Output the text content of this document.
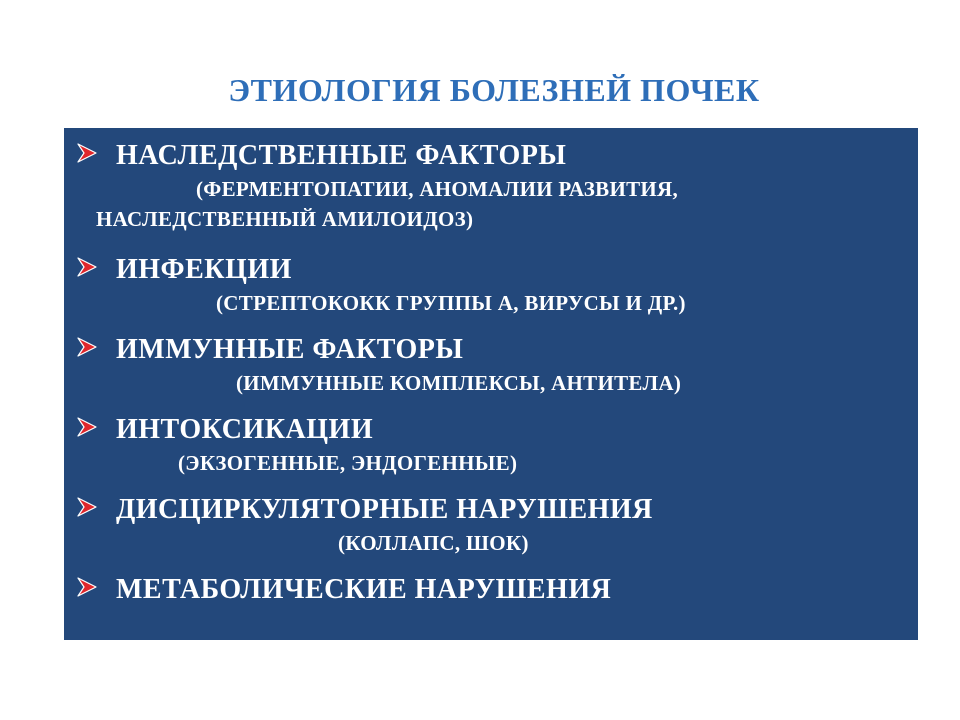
ЭТИОЛОГИЯ БОЛЕЗНЕЙ ПОЧЕК
НАСЛЕДСТВЕННЫЕ ФАКТОРЫ
(ФЕРМЕНТОПАТИИ, АНОМАЛИИ РАЗВИТИЯ,
НАСЛЕДСТВЕННЫЙ АМИЛОИДОЗ)
ИНФЕКЦИИ
(СТРЕПТОКОКК ГРУППЫ А, ВИРУСЫ И ДР.)
ИММУННЫЕ ФАКТОРЫ
(ИММУННЫЕ КОМПЛЕКСЫ, АНТИТЕЛА)
ИНТОКСИКАЦИИ
(ЭКЗОГЕННЫЕ, ЭНДОГЕННЫЕ)
ДИСЦИРКУЛЯТОРНЫЕ НАРУШЕНИЯ
(КОЛЛАПС, ШОК)
МЕТАБОЛИЧЕСКИЕ НАРУШЕНИЯ
